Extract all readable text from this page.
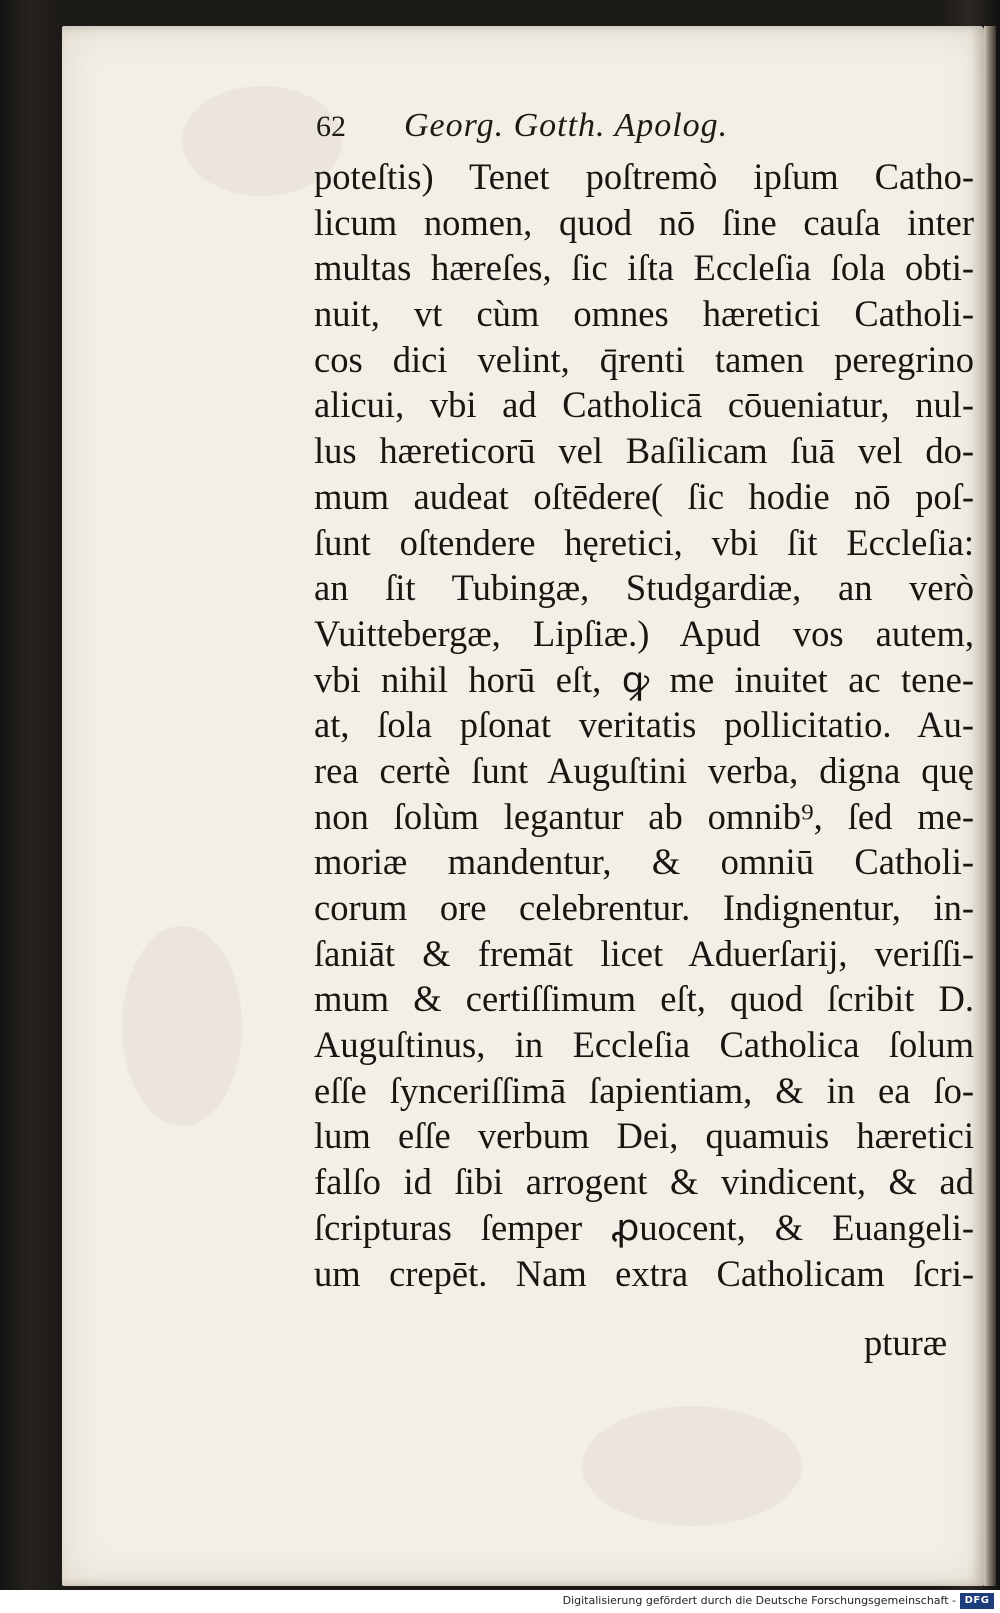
62 Georg. Gotth. Apolog.
poteſtis) Tenet poſtremò ipſum Catho-
licum nomen, quod nō ſine cauſa inter
multas hæreſes, ſic iſta Eccleſia ſola obti-
nuit, vt cùm omnes hæretici Catholi-
cos dici velint, q̄renti tamen peregrino
alicui, vbi ad Catholicā cōueniatur, nul-
lus hæreticorū vel Baſilicam ſuā vel do-
mum audeat oſtēdere( ſic hodie nō poſ-
ſunt oſtendere hęretici, vbi ſit Eccleſia:
an ſit Tubingæ, Studgardiæ, an verò
Vuittebergæ, Lipſiæ.) Apud vos autem,
vbi nihil horū eſt, ꝙ me inuitet ac tene-
at, ſola pſonat veritatis pollicitatio. Au-
rea certè ſunt Auguſtini verba, digna quę
non ſolùm legantur ab omnib⁹, ſed me-
moriæ mandentur, & omniū Catholi-
corum ore celebrentur. Indignentur, in-
ſaniāt & fremāt licet Aduerſarij, veriſſi-
mum & certiſſimum eſt, quod ſcribit D.
Auguſtinus, in Eccleſia Catholica ſolum
eſſe ſynceriſſimā ſapientiam, & in ea ſo-
lum eſſe verbum Dei, quamuis hæretici
falſo id ſibi arrogent & vindicent, & ad
ſcripturas ſemper ꝓuocent, & Euangeli-
um crepēt. Nam extra Catholicam ſcri-
pturæ
Digitalisierung gefördert durch die Deutsche Forschungsgemeinschaft - DFG
